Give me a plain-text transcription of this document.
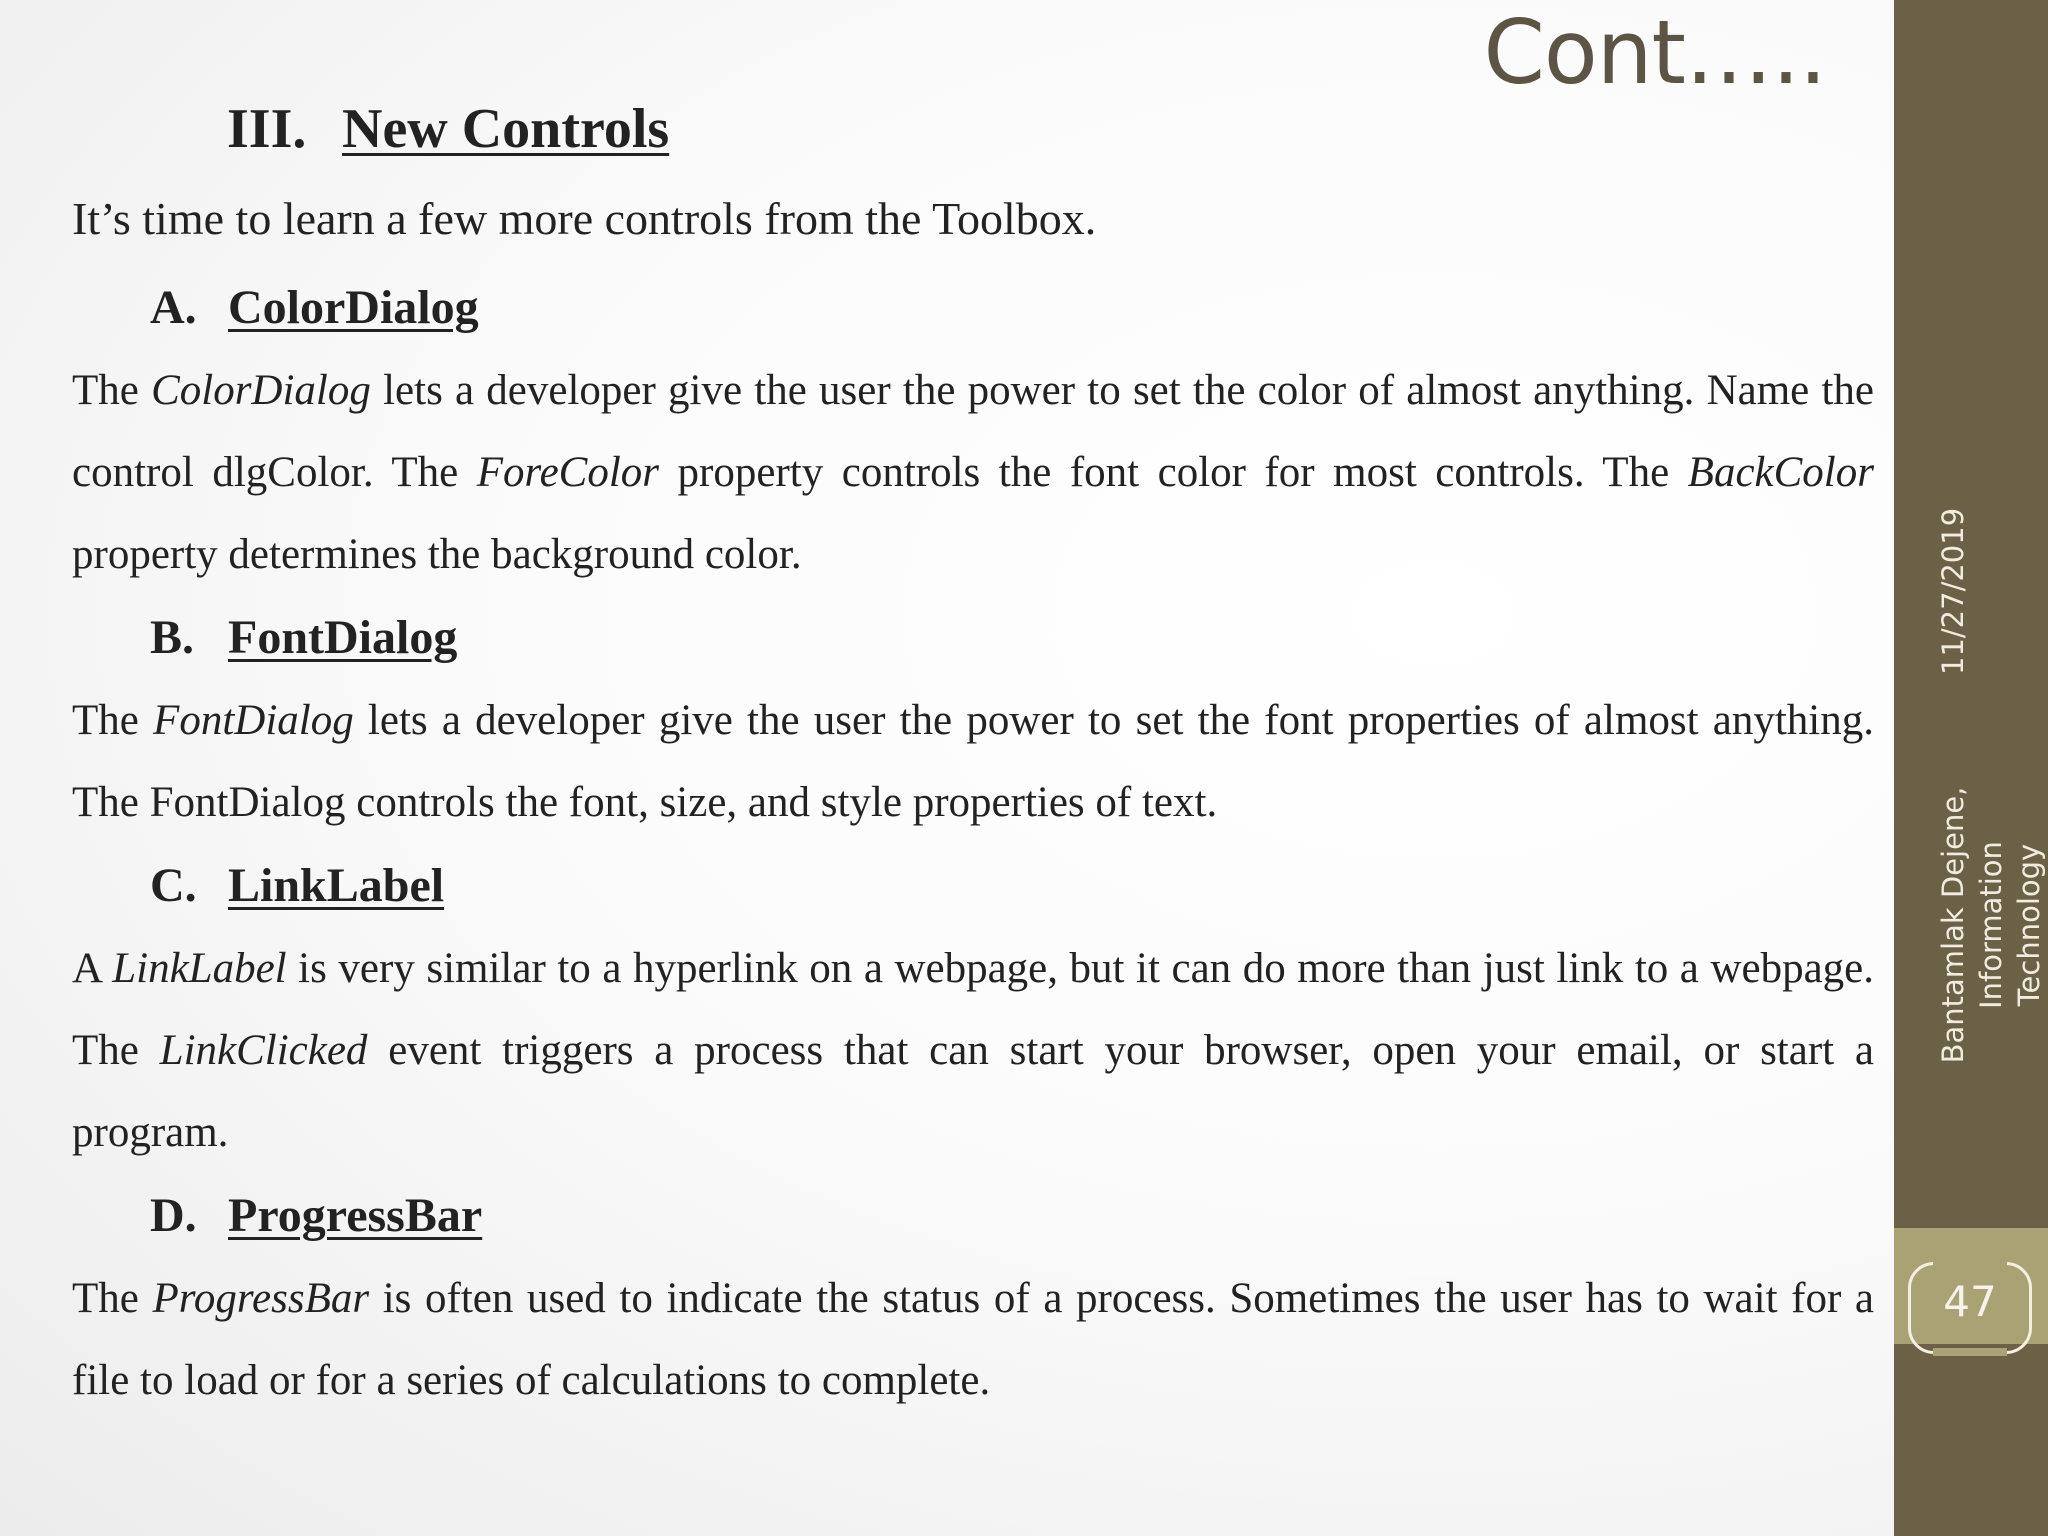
Cont…..
III. New Controls

It’s time to learn a few more controls from the Toolbox.

A. ColorDialog

The ColorDialog lets a developer give the user the power to set the color of almost anything. Name the control dlgColor. The ForeColor property controls the font color for most controls. The BackColor property determines the background color.

B. FontDialog

The FontDialog lets a developer give the user the power to set the font properties of almost anything. The FontDialog controls the font, size, and style properties of text.

C. LinkLabel

A LinkLabel is very similar to a hyperlink on a webpage, but it can do more than just link to a webpage. The LinkClicked event triggers a process that can start your browser, open your email, or start a program.

D. ProgressBar

The ProgressBar is often used to indicate the status of a process. Sometimes the user has to wait for a file to load or for a series of calculations to complete.

Bantamlak Dejene, Information Technology11/27/2019
47
